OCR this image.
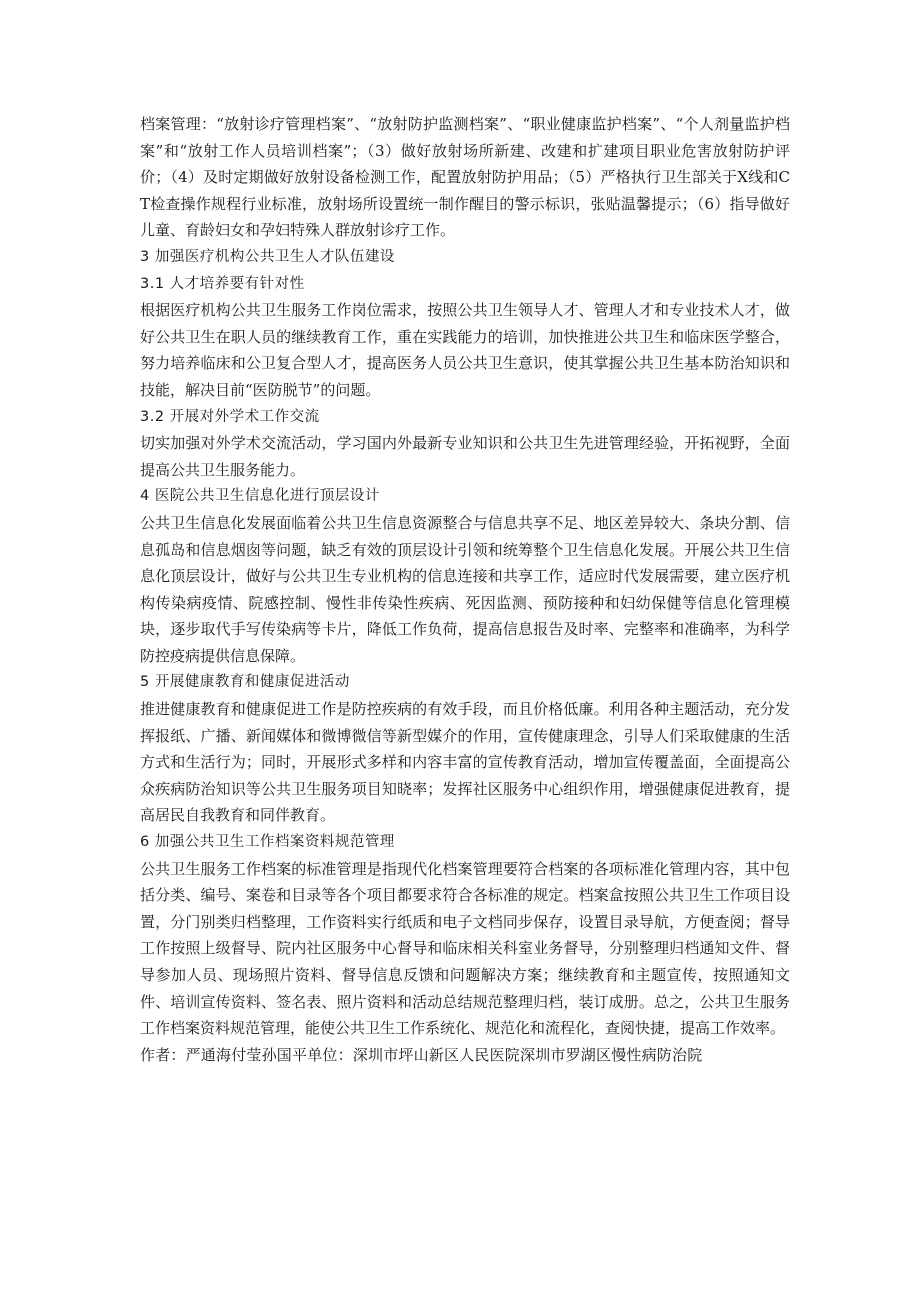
档案管理：“放射诊疗管理档案”、“放射防护监测档案”、“职业健康监护档案”、“个人剂量监护档案”和“放射工作人员培训档案”；（3）做好放射场所新建、改建和扩建项目职业危害放射防护评价；（4）及时定期做好放射设备检测工作，配置放射防护用品；（5）严格执行卫生部关于X线和CT检查操作规程行业标准，放射场所设置统一制作醒目的警示标识，张贴温馨提示；（6）指导做好儿童、育龄妇女和孕妇特殊人群放射诊疗工作。

3 加强医疗机构公共卫生人才队伍建设

3.1 人才培养要有针对性

根据医疗机构公共卫生服务工作岗位需求，按照公共卫生领导人才、管理人才和专业技术人才，做好公共卫生在职人员的继续教育工作，重在实践能力的培训，加快推进公共卫生和临床医学整合，努力培养临床和公卫复合型人才，提高医务人员公共卫生意识，使其掌握公共卫生基本防治知识和技能，解决目前“医防脱节”的问题。

3.2 开展对外学术工作交流

切实加强对外学术交流活动，学习国内外最新专业知识和公共卫生先进管理经验，开拓视野，全面提高公共卫生服务能力。

4 医院公共卫生信息化进行顶层设计

公共卫生信息化发展面临着公共卫生信息资源整合与信息共享不足、地区差异较大、条块分割、信息孤岛和信息烟囱等问题，缺乏有效的顶层设计引领和统筹整个卫生信息化发展。开展公共卫生信息化顶层设计，做好与公共卫生专业机构的信息连接和共享工作，适应时代发展需要，建立医疗机构传染病疫情、院感控制、慢性非传染性疾病、死因监测、预防接种和妇幼保健等信息化管理模块，逐步取代手写传染病等卡片，降低工作负荷，提高信息报告及时率、完整率和准确率，为科学防控疫病提供信息保障。

5 开展健康教育和健康促进活动

推进健康教育和健康促进工作是防控疾病的有效手段，而且价格低廉。利用各种主题活动，充分发挥报纸、广播、新闻媒体和微博微信等新型媒介的作用，宣传健康理念，引导人们采取健康的生活方式和生活行为；同时，开展形式多样和内容丰富的宣传教育活动，增加宣传覆盖面，全面提高公众疾病防治知识等公共卫生服务项目知晓率；发挥社区服务中心组织作用，增强健康促进教育，提高居民自我教育和同伴教育。

6 加强公共卫生工作档案资料规范管理

公共卫生服务工作档案的标准管理是指现代化档案管理要符合档案的各项标准化管理内容，其中包括分类、编号、案卷和目录等各个项目都要求符合各标准的规定。档案盒按照公共卫生工作项目设置，分门别类归档整理，工作资料实行纸质和电子文档同步保存，设置目录导航，方便查阅；督导工作按照上级督导、院内社区服务中心督导和临床相关科室业务督导，分别整理归档通知文件、督导参加人员、现场照片资料、督导信息反馈和问题解决方案；继续教育和主题宣传，按照通知文件、培训宣传资料、签名表、照片资料和活动总结规范整理归档，装订成册。总之，公共卫生服务工作档案资料规范管理，能使公共卫生工作系统化、规范化和流程化，查阅快捷，提高工作效率。

作者：严通海付莹孙国平单位：深圳市坪山新区人民医院深圳市罗湖区慢性病防治院
